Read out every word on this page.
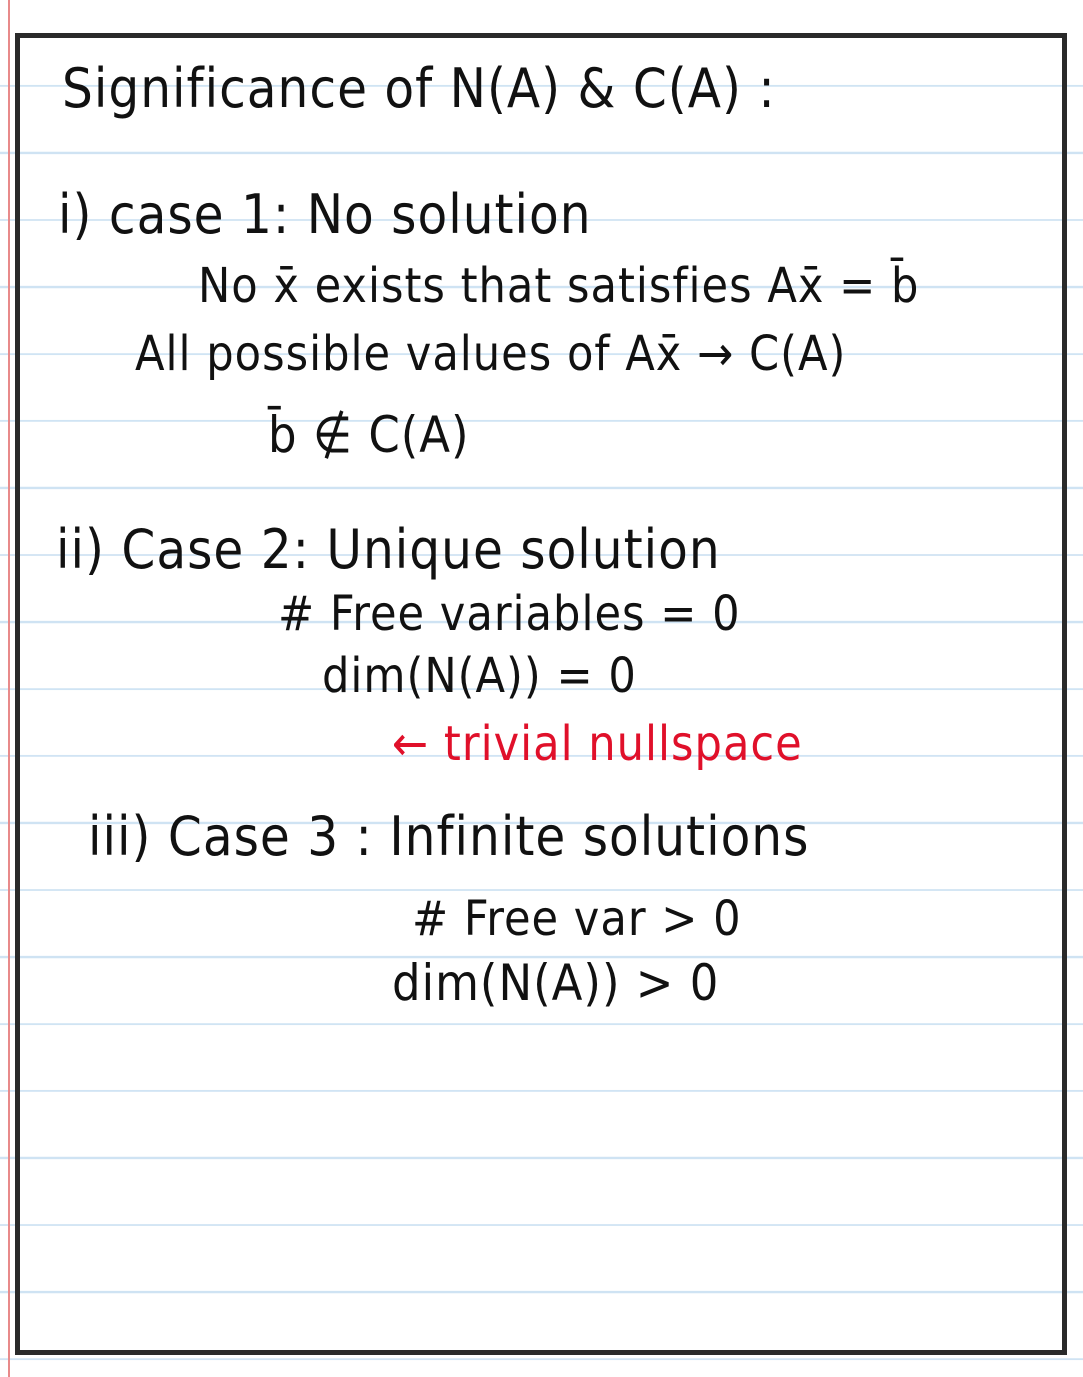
Significance of N(A) & C(A) :
i) case 1: No solution
No x̄ exists that satisfies Ax̄ = b̄
All possible values of Ax̄ → C(A)
b̄ ∉ C(A)
ii) Case 2: Unique solution
# Free variables = 0
dim(N(A)) = 0
← trivial nullspace
iii) Case 3 : Infinite solutions
# Free var > 0
dim(N(A)) > 0
